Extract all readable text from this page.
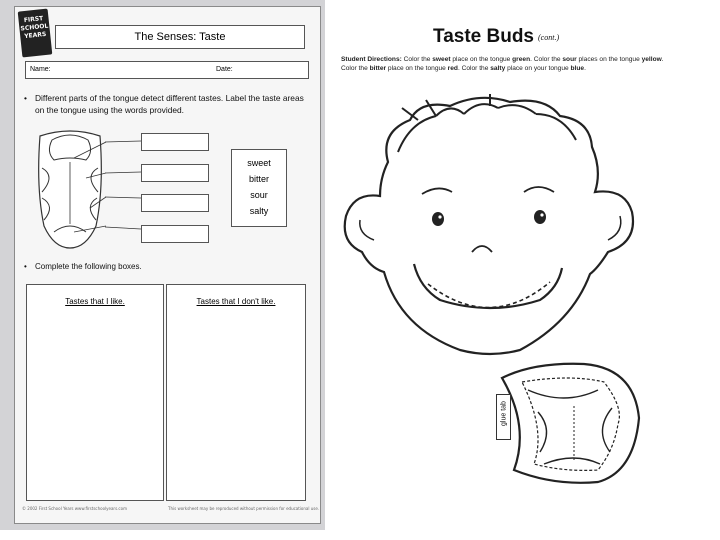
FIRST
SCHOOL
YEARS	The Senses: Taste
Name:	Date:
• Different parts of the tongue detect different tastes. Label the taste areas on the tongue using the words provided.
sweet
bitter
sour
salty
• Complete the following boxes.
Tastes that I like.	Tastes that I don't like.
© 2002 First School Years www.firstschoolyears.com	This worksheet may be reproduced without permission for educational use.
Taste Buds (cont.)
Student Directions: Color the sweet place on the tongue green. Color the sour places on the tongue yellow. Color the bitter place on the tongue red. Color the salty place on your tongue blue.
glue tab
